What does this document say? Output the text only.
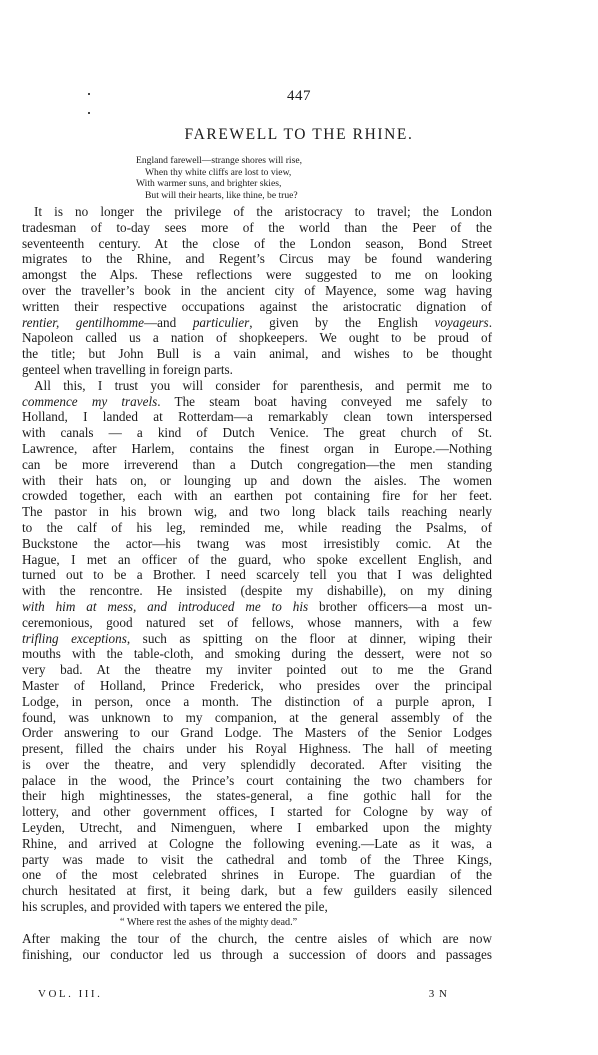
447
FAREWELL TO THE RHINE.
England farewell—strange shores will rise,
When thy white cliffs are lost to view,
With warmer suns, and brighter skies,
But will their hearts, like thine, be true?
It is no longer the privilege of the aristocracy to travel; the London
tradesman of to-day sees more of the world than the Peer of the
seventeenth century. At the close of the London season, Bond Street
migrates to the Rhine, and Regent’s Circus may be found wandering
amongst the Alps. These reflections were suggested to me on looking
over the traveller’s book in the ancient city of Mayence, some wag having
written their respective occupations against the aristocratic dignation of
rentier, gentilhomme—and particulier, given by the English voyageurs.
Napoleon called us a nation of shopkeepers. We ought to be proud of
the title; but John Bull is a vain animal, and wishes to be thought
genteel when travelling in foreign parts.
All this, I trust you will consider for parenthesis, and permit me to
commence my travels. The steam boat having conveyed me safely to
Holland, I landed at Rotterdam—a remarkably clean town interspersed
with canals — a kind of Dutch Venice. The great church of St.
Lawrence, after Harlem, contains the finest organ in Europe.—Nothing
can be more irreverend than a Dutch congregation—the men standing
with their hats on, or lounging up and down the aisles. The women
crowded together, each with an earthen pot containing fire for her feet.
The pastor in his brown wig, and two long black tails reaching nearly
to the calf of his leg, reminded me, while reading the Psalms, of
Buckstone the actor—his twang was most irresistibly comic. At the
Hague, I met an officer of the guard, who spoke excellent English, and
turned out to be a Brother. I need scarcely tell you that I was delighted
with the rencontre. He insisted (despite my dishabille), on my dining
with him at mess, and introduced me to his brother officers—a most un-
ceremonious, good natured set of fellows, whose manners, with a few
trifling exceptions, such as spitting on the floor at dinner, wiping their
mouths with the table-cloth, and smoking during the dessert, were not so
very bad. At the theatre my inviter pointed out to me the Grand
Master of Holland, Prince Frederick, who presides over the principal
Lodge, in person, once a month. The distinction of a purple apron, I
found, was unknown to my companion, at the general assembly of the
Order answering to our Grand Lodge. The Masters of the Senior Lodges
present, filled the chairs under his Royal Highness. The hall of meeting
is over the theatre, and very splendidly decorated. After visiting the
palace in the wood, the Prince’s court containing the two chambers for
their high mightinesses, the states-general, a fine gothic hall for the
lottery, and other government offices, I started for Cologne by way of
Leyden, Utrecht, and Nimenguen, where I embarked upon the mighty
Rhine, and arrived at Cologne the following evening.—Late as it was, a
party was made to visit the cathedral and tomb of the Three Kings,
one of the most celebrated shrines in Europe. The guardian of the
church hesitated at first, it being dark, but a few guilders easily silenced
his scruples, and provided with tapers we entered the pile,
“ Where rest the ashes of the mighty dead.”
After making the tour of the church, the centre aisles of which are now
finishing, our conductor led us through a succession of doors and passages
VOL. III.	3 N
